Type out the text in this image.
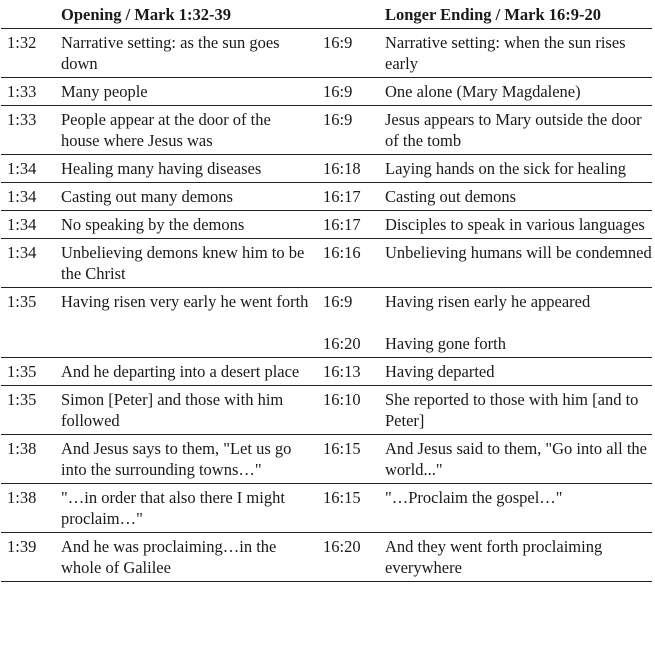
	Opening / Mark 1:32-39		Longer Ending / Mark 16:9-20
1:32	Narrative setting: as the sun goes down	16:9	Narrative setting: when the sun rises early
1:33	Many people	16:9	One alone (Mary Magdalene)
1:33	People appear at the door of the house where Jesus was	16:9	Jesus appears to Mary outside the door of the tomb
1:34	Healing many having diseases	16:18	Laying hands on the sick for healing
1:34	Casting out many demons	16:17	Casting out demons
1:34	No speaking by the demons	16:17	Disciples to speak in various languages
1:34	Unbelieving demons knew him to be the Christ	16:16	Unbelieving humans will be condemned
1:35	Having risen very early he went forth	16:9	Having risen early he appeared
		16:20	Having gone forth
1:35	And he departing into a desert place	16:13	Having departed
1:35	Simon [Peter] and those with him followed	16:10	She reported to those with him [and to Peter]
1:38	And Jesus says to them, "Let us go into the surrounding towns…"	16:15	And Jesus said to them, "Go into all the world..."
1:38	"…in order that also there I might proclaim…"	16:15	"…Proclaim the gospel…"
1:39	And he was proclaiming…in the whole of Galilee	16:20	And they went forth proclaiming everywhere
